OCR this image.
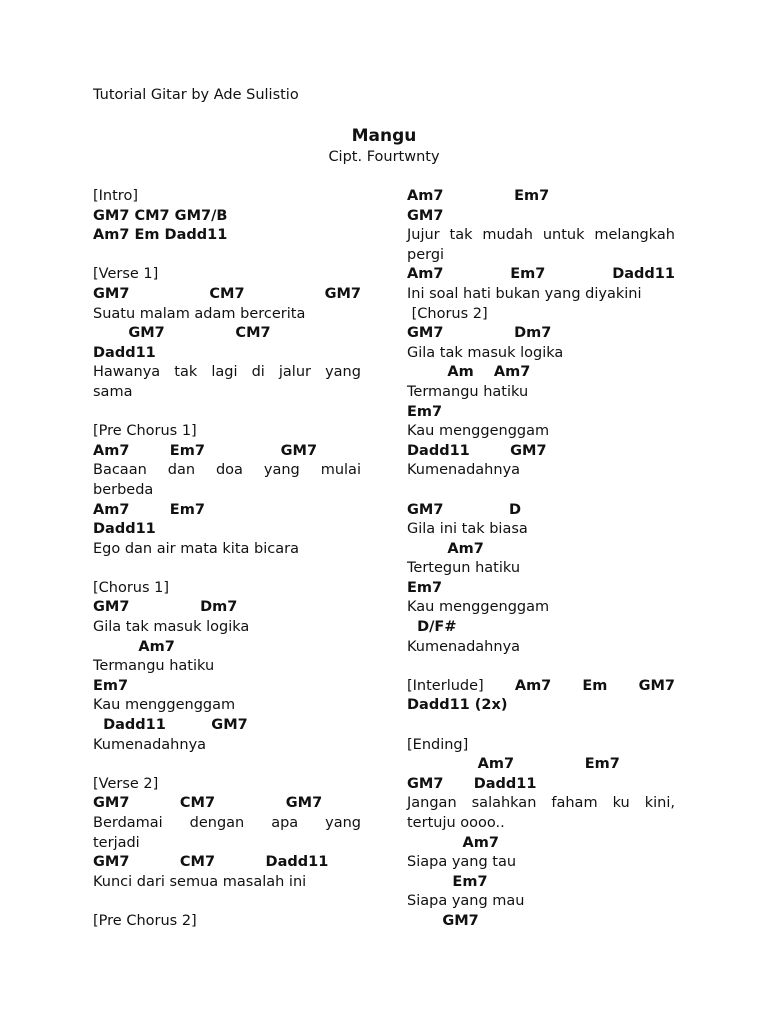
Tutorial Gitar by Ade Sulistio
Mangu
Cipt. Fourtwnty
[Intro]
GM7 CM7 GM7/B
Am7 Em Dadd11
[Verse 1]
GM7	CM7	GM7
Suatu malam adam bercerita
GM7              CM7
Dadd11
Hawanya tak lagi di jalur yang
sama
[Pre Chorus 1]
Am7        Em7               GM7
Bacaan dan doa yang mulai
berbeda
Am7        Em7
Dadd11
Ego dan air mata kita bicara
[Chorus 1]
GM7              Dm7
Gila tak masuk logika
Am7
Termangu hatiku
Em7
Kau menggenggam
Dadd11         GM7
Kumenadahnya
[Verse 2]
GM7          CM7              GM7
Berdamai dengan apa yang
terjadi
GM7          CM7          Dadd11
Kunci dari semua masalah ini
[Pre Chorus 2]
Am7              Em7
GM7
Jujur tak mudah untuk melangkah
pergi
Am7	Em7	Dadd11
Ini soal hati bukan yang diyakini
[Chorus 2]
GM7              Dm7
Gila tak masuk logika
Am    Am7
Termangu hatiku
Em7
Kau menggenggam
Dadd11        GM7
Kumenadahnya
GM7             D
Gila ini tak biasa
Am7
Tertegun hatiku
Em7
Kau menggenggam
D/F#
Kumenadahnya
[Interlude] Am7 Em GM7
Dadd11 (2x)
[Ending]
Am7              Em7
GM7      Dadd11
Jangan salahkan faham ku kini,
tertuju oooo..
Am7
Siapa yang tau
Em7
Siapa yang mau
GM7
